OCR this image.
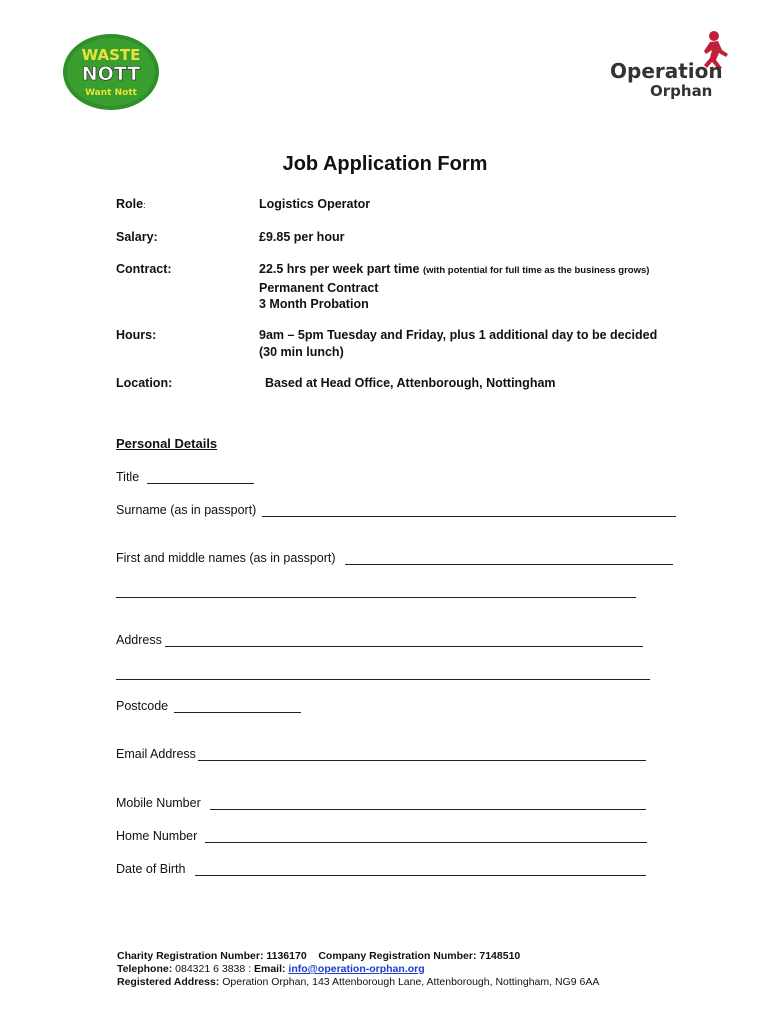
WASTE
NOTT
Want Nott
Operation
Orphan
Job Application Form
Role:	Logistics Operator
Salary:	£9.85 per hour
Contract:	22.5 hrs per week part time (with potential for full time as the business grows)
Permanent Contract
3 Month Probation
Hours:	9am – 5pm Tuesday and Friday, plus 1 additional day to be decided
(30 min lunch)
Location:	Based at Head Office, Attenborough, Nottingham
Personal Details
Title
Surname (as in passport)
First and middle names (as in passport)
Address
Postcode
Email Address
Mobile Number
Home Number
Date of Birth
Charity Registration Number: 1136170 Company Registration Number: 7148510
Telephone: 084321 6 3838 : Email: info@operation-orphan.org
Registered Address: Operation Orphan, 143 Attenborough Lane, Attenborough, Nottingham, NG9 6AA
